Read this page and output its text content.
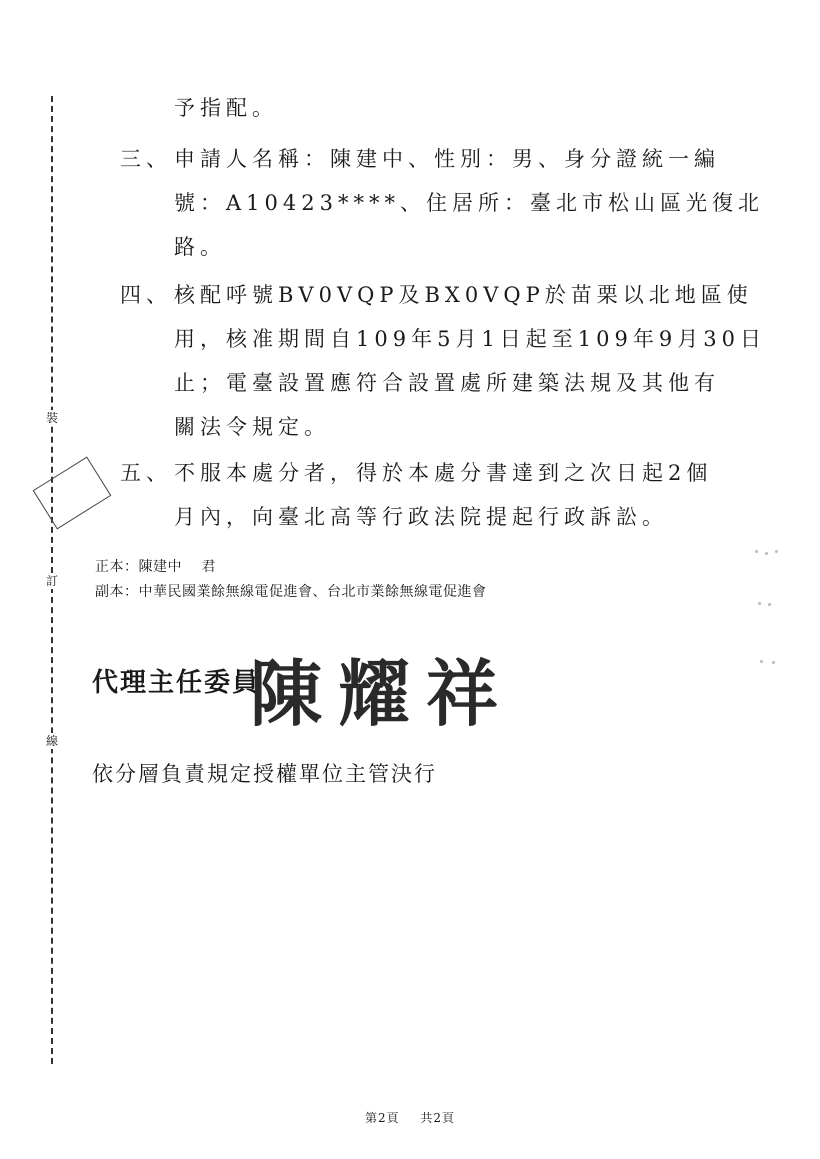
裝
訂
線
予指配。
三、 申請人名稱：陳建中、性別：男、身分證統一編
號：A10423****、住居所：臺北市松山區光復北
路。
四、 核配呼號BV0VQP及BX0VQP於苗栗以北地區使
用，核准期間自109年5月1日起至109年9月30日
止；電臺設置應符合設置處所建築法規及其他有
關法令規定。
五、 不服本處分者，得於本處分書達到之次日起2個
月內，向臺北高等行政法院提起行政訴訟。
正本：陳建中　 君
副本：中華民國業餘無線電促進會、台北市業餘無線電促進會
代理主任委員
陳耀祥
依分層負責規定授權單位主管決行
第2頁 共2頁
